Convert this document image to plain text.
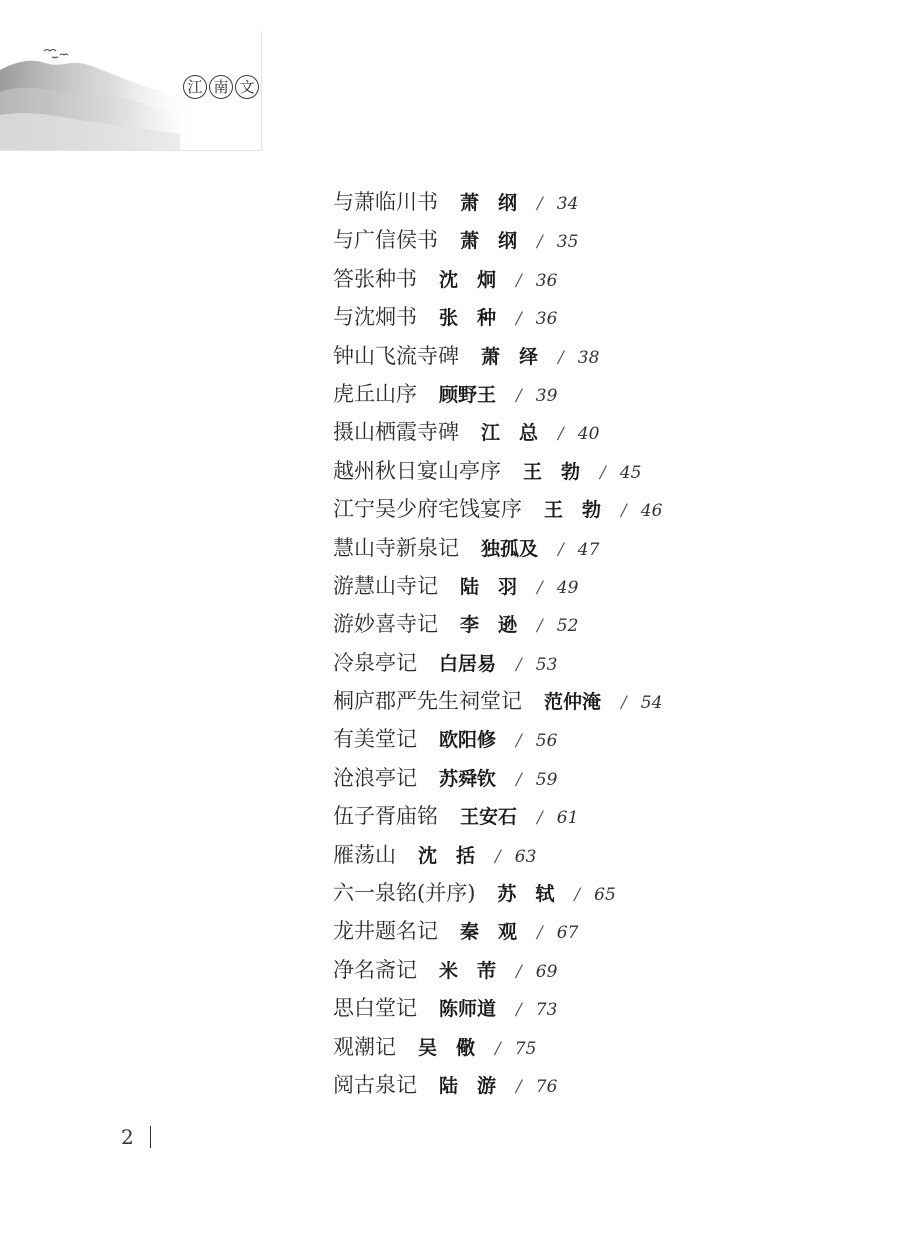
江 南 文
与萧临川书 萧　纲 / 34
与广信侯书 萧　纲 / 35
答张种书 沈　炯 / 36
与沈炯书 张　种 / 36
钟山飞流寺碑 萧　绎 / 38
虎丘山序 顾野王 / 39
摄山栖霞寺碑 江　总 / 40
越州秋日宴山亭序 王　勃 / 45
江宁吴少府宅饯宴序 王　勃 / 46
慧山寺新泉记 独孤及 / 47
游慧山寺记 陆　羽 / 49
游妙喜寺记 李　逊 / 52
冷泉亭记 白居易 / 53
桐庐郡严先生祠堂记 范仲淹 / 54
有美堂记 欧阳修 / 56
沧浪亭记 苏舜钦 / 59
伍子胥庙铭 王安石 / 61
雁荡山 沈　括 / 63
六一泉铭(并序) 苏　轼 / 65
龙井题名记 秦　观 / 67
净名斋记 米　芾 / 69
思白堂记 陈师道 / 73
观潮记 吴　儆 / 75
阅古泉记 陆　游 / 76
2
